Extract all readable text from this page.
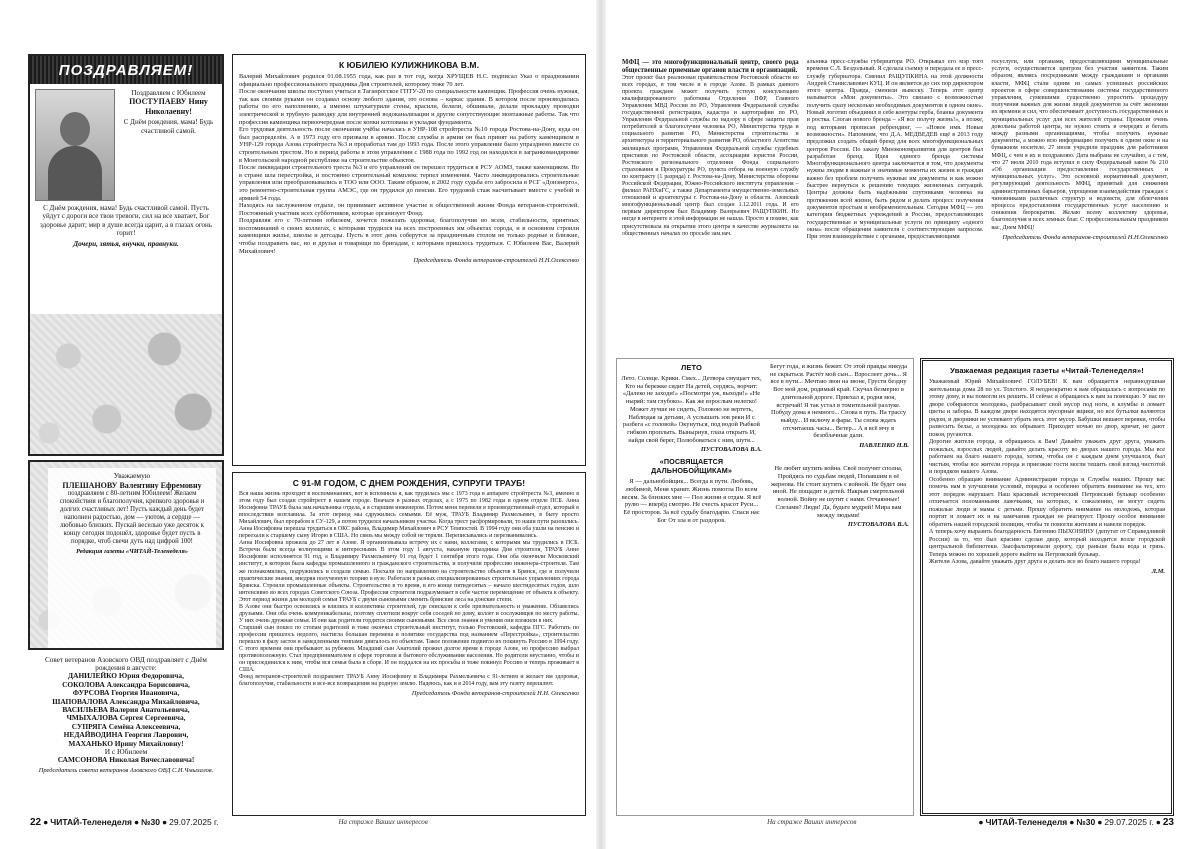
ПОЗДРАВЛЯЕМ!

Поздравляем с Юбилеем

ПОСТУПАЕВУ Нину Николаевну!

С Днём рождения, мама! Будь счастливой самой.

С Днём рождения, мама! Будь счастливой самой. Пусть уйдут с дороги все твои тревоги, сил на все хватает, Бог здоровье дарит; мир в душе всегда царит, а в глазах огонь горит!

Дочери, зятья, внучки, правнуки.

Уважаемую

ПЛЕШАНОВУ Валентину Ефремовну

поздравляем с 80-летним Юбилеем! Желаем спокойствия и благополучия, крепкого здоровья и долгих счастливых лет! Пусть каждый день будет наполнен радостью, дом — уютом, а сердце — любовью близких. Пускай веселью уже десяток к концу сегодня подошёл, здоровье будет пусть в порядке, чтоб свечи дуть над цифрой 100!

Редакция газеты «ЧИТАЙ-Теленеделя»

Совет ветеранов Азовского ОВД поздравляет с Днём рождения в августе:

ДАНИЛЕЙКО Юрия Федоровича,

СОКОЛОВА Александра Борисовича,

ФУРСОВА Георгия Ивановича,

ШАПОВАЛОВА Александра Михайловича,

ВАСИЛЬЕВА Валерия Анатольевича,

ЧМЫХАЛОВА Сергея Сергеевича,

СУПРЯГА Семёна Алексеевича,

НЕДАЙВОДИНА Георгия Лаврович,

МАХАНЬКО Ирину Михайловну!

И с Юбилеем

САМСОНОВА Николая Вячеславовича!

Председатель совета ветеранов Азовского ОВД С.И.Чмыхалов.

К ЮБИЛЕЮ КУЛИЖНИКОВА В.М.

Валерий Михайлович родился 01.08.1955 года, как раз в тот год, когда ХРУЩЕВ Н.С. подписал Указ о праздновании официально профессионального праздника Дня строителей, которому тоже 70 лет.

После окончания школы поступил учиться в Таганрогское ГПТУ-20 по специальности каменщик. Профессия очень нужная, так как своими руками он создавал основу любого здания, это основа – каркас здания. В котором после производились работы по его наполнению, а именно штукатурили стены, красили, белили, обшивали, делали прокладку проводки электрической и трубную разводку для внутренней водоканализации и другие сопутствующие монтажные работы. Так что профессия каменщика первоочередная после копки котлована и укладки фундамента.

Его трудовая деятельность после окончания учёбы началась в УНР-108 стройтреста №10 города Ростова-на-Дону, куда он был распределён. А в 1973 году его призвали в армию. После службы в армии он был принят на работу каменщиком в УНР-129 города Азова стройтреста №3 и проработал там до 1993 года. После этого управление было упразднено вместе со строительным трестом. Но в период работы в этом управлении с 1988 года по 1992 год он находился в загранкомандировке в Монгольской народной республике на строительстве объектов.

После ликвидации строительного треста №3 и его управлений он перешел трудиться в РСУ АОМЗ, также каменщиком. Но в стране шла перестройка, и постоянно строительный комплекс терпел изменения. Часто ликвидировались строительные управления или преобразовывались в ТОО или ООО. Таким образом, в 2002 году судьба его забросила в РСГ «Донэнерго», это ремонтно-строительная группа АМЭС, где он трудился до пенсии. Его трудовой стаж насчитывает вместе с учебой и армией 54 года.

Находясь на заслуженном отдыхе, он принимает активное участие в общественной жизни Фонда ветеранов-строителей. Постоянный участник всех субботников, которые организует Фонд.

Поздравляя его с 70-летним юбилеем, хочется пожелать здоровья, благополучия во всем, стабильности, приятных воспоминаний о своих коллегах, с которыми трудился на всех построенных им объектах города, и в основном строили каменщики жилье, школы и детсады. Пусть в этот день соберутся за праздничным столом не только родные и близкие, чтобы поздравить вас, но и друзья и товарищи по бригадам, с которыми пришлось трудиться. С Юбилеем Вас, Валерий Михайлович!

Председатель Фонда ветеранов-строителей Н.Н.Олексенко

С 91-М ГОДОМ, С ДНЕМ РОЖДЕНИЯ, СУПРУГИ ТРАУБ!

Вся наша жизнь проходит в воспоминаниях, вот и вспомнила я, как трудилась мы с 1973 года в аппарате стройтреста №3, именно в этом году был создан стройтрест в нашем городе. Вначале в разных отделах, а с 1975 по 1982 годы в одном отделе ПСБ. Анна Иосифовна ТРАУБ была зам.начальника отдела, а я старшим инженером. Потом меня перевели в производственный отдел, который в впоследствии возглавила. За этот период мы сдружились семьями. Её муж, ТРАУБ Владимир Рахмельевич, в быту просто Михайлович, был прорабом в СУ-129, а потом трудился начальником участка. Когда трест расформировали, то наши пути разошлись. Анна Иосифовна перешла трудиться в ОКС района, Владимир Михайлович в РСУ Темпостей. В 1994 году они оба ушли на пенсию и переехали к старшему сыну Игорю в США. Но связь мы между собой не теряли. Переписывались и перезванивались.

Анна Иосифовна прожила до 27 лет в Азове. Я организовывала встречу их с нами, коллегами, с которыми мы трудились в ПСБ. Встречи были всегда волнующими и интересными. В этом году 1 августа, накануне праздника Дня строителя, ТРАУБ Анне Иосифовне исполняется 91 год, а Владимиру Рахмельевичу 91 год будет 1 сентября этого года. Они оба окончили Московский институт, в котором была кафедра промышленного и гражданского строительства, и получили профессию инженера-строителя. Там же познакомились, подружились и создали семью. Поехали по направлению на строительство объектов в Брянск, где и получили практические знания, внедряя полученную теорию в вузе. Работали в разных специализированных строительных управлениях города Брянска. Строили промышленные объекты. Строительство в то время, в его конце пятидесятых – начало шестидесятых годов, шло интенсивно во всех городах Советского Союза. Профессия строителя подразумевает в себе частое перемещение от объекта к объекту. Этот период жизни для молодой семьи ТРАУБ с двумя сыновьями сменить брянские леса на донские степи.

В Азове они быстро освоились и влились в коллективы строителей, где снискали к себе признательность и уважение. Обзавелись друзьями. Они оба очень коммуникабельны, поэтому сплотили вокруг себя соседей по дому, коллег и сослуживцев по месту работы. У них очень дружная семья. И они как родители гордятся своими сыновьями. Все свои знания и умения они вложили в них.

Старший сын пошел по стопам родителей и тоже окончил строительный институт, только Ростовский, кафедра ПГС. Работать по профессии пришлось недолго, настигла большая перемена в политике государства под названием «Перестройка», строительство перешло в фазу застоя и замедленными темпами двигалось по объектам. Такое положение подвигло их покинуть Россию в 1994 году. С этого времени они пребывают за рубежом. Младший сын Анатолий прожил долгое время в городе Азове, но профессию выбрал противоположную. Стал предпринимателем в сфере торговли и бытового обслуживания населения. Но родители неустанно, чтобы и он присоединился к ним, чтобы вся семья была в сборе. И он поддался на их просьбы и тоже покинул Россию и теперь проживает в США.

Фонд ветеранов-строителей поздравляет ТРАУБ Анну Иосифовну и Владимира Рахмельевича с 91-летием и желает им здоровья, благополучия, стабильности и все-все возвращения на родную землю. Надеюсь, как и в 2014 году, вам эту газету перешлют.

Председатель Фонда ветеранов-строителей Н.Н. Олексенко

22 ● ЧИТАЙ-Теленеделя ● №30 ● 29.07.2025 г.	На страже Ваших интересов

МФЦ — это многофункциональный центр, своего рода общественные приемные органов власти и организаций.

Этот проект был реализован правительством Ростовской области во всех городах, в том числе и в городе Азове. В рамках данного проекта граждане может получить устную консультацию квалифицированного работника Отделения ПФР, Главного Управления МВД России по РО, Управления Федеральной службы государственной регистрации, кадастра и картографии по РО, Управления Федеральной службы по надзору в сфере защиты прав потребителей и благополучия человека РО, Министерства труда и социального развития РО, Министерства строительства и архитектуры и территориального развития РО, областного Агентства жилищных программ, Управления Федеральной службы судебных приставов по Ростовской области, ассоциации юристов России, Ростовского регионального отделения Фонда социального страхования и Прокуратуры РО, пункта отбора на военную службу по контракту (1 разряда) г. Ростова-на-Дону, Министерства обороны Российской Федерации, Южно-Российского института управления – филиал РАНХиГС, а также Департамента имущественно-земельных отношений и архитектуры г. Ростова-на-Дону и области. Азовский многофункциональный центр был создан 1.12.2011 года. И его первым директором был Владимир Валерьевич РАЩУПКИН. Но нигде в интернете я этой информации не нашла. Просто я помню, как присутствовала на открытии этого центра в качестве журналиста на общественных началах по просьбе зам.нач.

альника пресс-службы губернатора РО. Открывал его мэр того времени С.Л. Бездольный. Я сделала съемку и передала ее в пресс-службу губернатора. Сменил РАЩУПКИНА на этой должности Андрей Станиславович КУЦ. И он является до сих пор директором этого центра. Правда, сменили вывеску. Теперь этот центр называется «Мои документы». Это связано с возможностью получить сразу несколько необходимых документов в одном окне». Новый логотип объединил в себе контуры герба, бланка документа и ростка. Слоган нового бренда – «Я все получу жизнь!», а позже, под которыми прописан ребрендинг, — «Новое имя. Новые возможности». Напомним, что Д.А. МЕДВЕДЕВ ещё в 2013 году предложил создать общий бренд для всех многофункциональных центров России. По заказу Минэкономразвития для центров был разработан бренд. Идея единого бренда системы Многофункционального центра заключается в том, что документы нужны людям в важные и значимые моменты их жизни и граждан важно без проблем получить нужные им документы и как можно быстрее вернуться к решению текущих жизненных ситуаций. Центры должны быть надёжными спутниками человека на протяжении всей жизни, быть рядом и делать процесс получения документов простым и необременительным. Сегодня МФЦ — это категория бюджетных учреждений в России, предоставляющих государственные и муниципальные услуги по принципу «одного окна» после обращения заявителя с соответствующим запросом. При этом взаимодействие с органами, предоставляющими

госуслуги, или органами, предоставляющими муниципальные услуги, осуществляется центром без участия заявителя. Таким образом, являясь посредниками между гражданами и органами власти, МФЦ стали одним из самых успешных российских проектов в сфере совершенствования системы государственного управления, сумевшими существенно упростить процедуру получения важных для жизни людей документов за счёт экономии их времени и сил, что обеспечивает доступность государственных и муниципальных услуг для всех жителей страны. Прожили очень довольны работой центра, не нужно стоять в очередях и бегать между разными организациями, чтобы получить нужные документы, а можно всю информацию получить в одном окне и на бумажном носителе. 27 июля учредили праздник для работников МФЦ, с чем я их и поздравляю. Дата выбрана не случайно, а с тем, что 27 июля 2010 года вступил в силу Федеральный закон № 210 «Об организации предоставления государственных и муниципальных услуг». Это основной нормативный документ, регулирующий деятельность МФЦ, принятый для снижения административных барьеров, упрощения взаимодействия граждан с чиновниками различных структур и ведомств, для облегчения процесса предоставления государственных услуг населению и снижения бюрократии. Желаю всему коллективу здоровья, благополучия и всех земных благ. С профессиональным праздником вас, Днем МФЦ!

Председатель Фонда ветеранов-строителей Н.Н.Олексенко

ЛЕТО

Лето. Солнце. Крики. Смех... Детвора смущает тех, Кто на бережке сидит На детей, сердясь, ворчит: «Далеко не заходи!» «Посмотри уж, выходи!» «Не ныряй: там глубоко». Как же взрослым нелегко! Может лучше не сидеть, Головою не вертеть, Наблюдая за детьми, А услышать зов реки И с разбега «с головой» Окунуться, под водой Рыбкой гибкою проплыть. Вынырнув, глаза открыть И, найдя свой берег, Полюбоваться с ним, шутя...

ПУСТОВАЛОВА В.А.

Бегут года, и жизнь бежит. От этой правды никуда не скрыться. Растёт мой сын... Взрослеет дочь... Я все в пути... Мечтаю звон на звоне, Грусти бездну Вот мой дом, родимый край. Скучал безмерно в длительной дороге. Приехал я, родня моя, встречай! Я так устал в томительной разлуке. Побуду дома я немного... Снова в путь. На трассу выйду... И включу я фары. Ты снова ждать отсчитаешь часы... Ветер... А я всё мчу в безоблачные дали.

ПАВЛЕНКО Н.В.

«ПОСВЯЩАЕТСЯ ДАЛЬНОБОЙЩИКАМ»

Я — дальнобойщик... Всегда в пути. Любовь, любимой, Меня хранит. Жизнь помогла По всем весям. За близких мне — Пол жизни я отдам. Я всё рулю — вперёд смотрю. Не счесть красот Руси... Её просторов. За всё судьбу благодарю. Спаси нас Бог От зла и от раздоров.

Не любит шутить война. Своё получит сполна, Пройдясь по судьбам людей, Попавшим в её жернова. Не стоит шутить с войной. Не будет она иной. Не пощадит и детей. Накрыв смертельной волной. Войну не шутит с нами. Отчаянные! Слезами? Люди! Да, будьте мудрей! Мира вам между людьми!

ПУСТОВАЛОВА В.А.

Уважаемая редакция газеты «Читай-Теленеделя»!

Уважаемый Юрий Михайлович! ГОЛУБЕВ! К вам обращается неравнодушная жительница дома 28 по ул. Толстого. Я неоднократно к вам обращалась с вопросами по этому дому, и вы помогли их решить. И сейчас я обращаюсь к вам за помощью. У нас во дворе собираются молодежь, разбрасывает свой мусор под ноги, в клумбы и ломает цветы и заборы. В каждом дворе находятся мусорные ящики, но все бутылки валяются рядом, и дворники не успевают убрать весь этот мусор. Бабушки вешают веревки, чтобы развесить белье, а молодежь их обрывает. Приходят ночью во двор, кричат, не дают покоя, ругаются.

Дорогие жители города, я обращаюсь к Вам! Давайте уважать друг друга, уважать пожилых, взрослых людей, давайте делать красоту во дворах нашего города. Мы все работаем на благо нашего города, хотим, чтобы он с каждым днем улучшался, был чистым, чтобы все жители города и приезжие гости могли тешить свой взгляд чистотой и порядком нашего Азова.

Особенно обращаю внимание Администрации города и Службы наших. Прошу вас помочь нам в улучшении условий, порядка и особенно обратить внимание на тех, кто этот порядок нарушает. Наш красивый исторический Петровский бульвар особенно отличается поломанными лавочками, на которых, к сожалению, не могут сидеть пожилые люди и мамы с детьми. Прошу обратить внимание на молодежь, которая портит и ломает их и на замечания граждан не реагирует. Прошу особое внимание обратить нашей городской полиции, чтобы те помогли жителям и навели порядок.

А теперь хочу выразить благодарность Евгению ПЫХОНИНУ (депутат от Справедливой России) за то, что был красиво сделан двор, который находится возле городской центральной библиотеки. Заасфальтировали дорогу, где раньше была вода и грязь. Теперь можно по хорошей дороге выйти на Петровский бульвар.

Жители Азова, давайте уважать друг друга и делать все во благо нашего города!

Л.М.

На страже Ваших интересов	● ЧИТАЙ-Теленеделя ● №30 ● 29.07.2025 г. ● 23
